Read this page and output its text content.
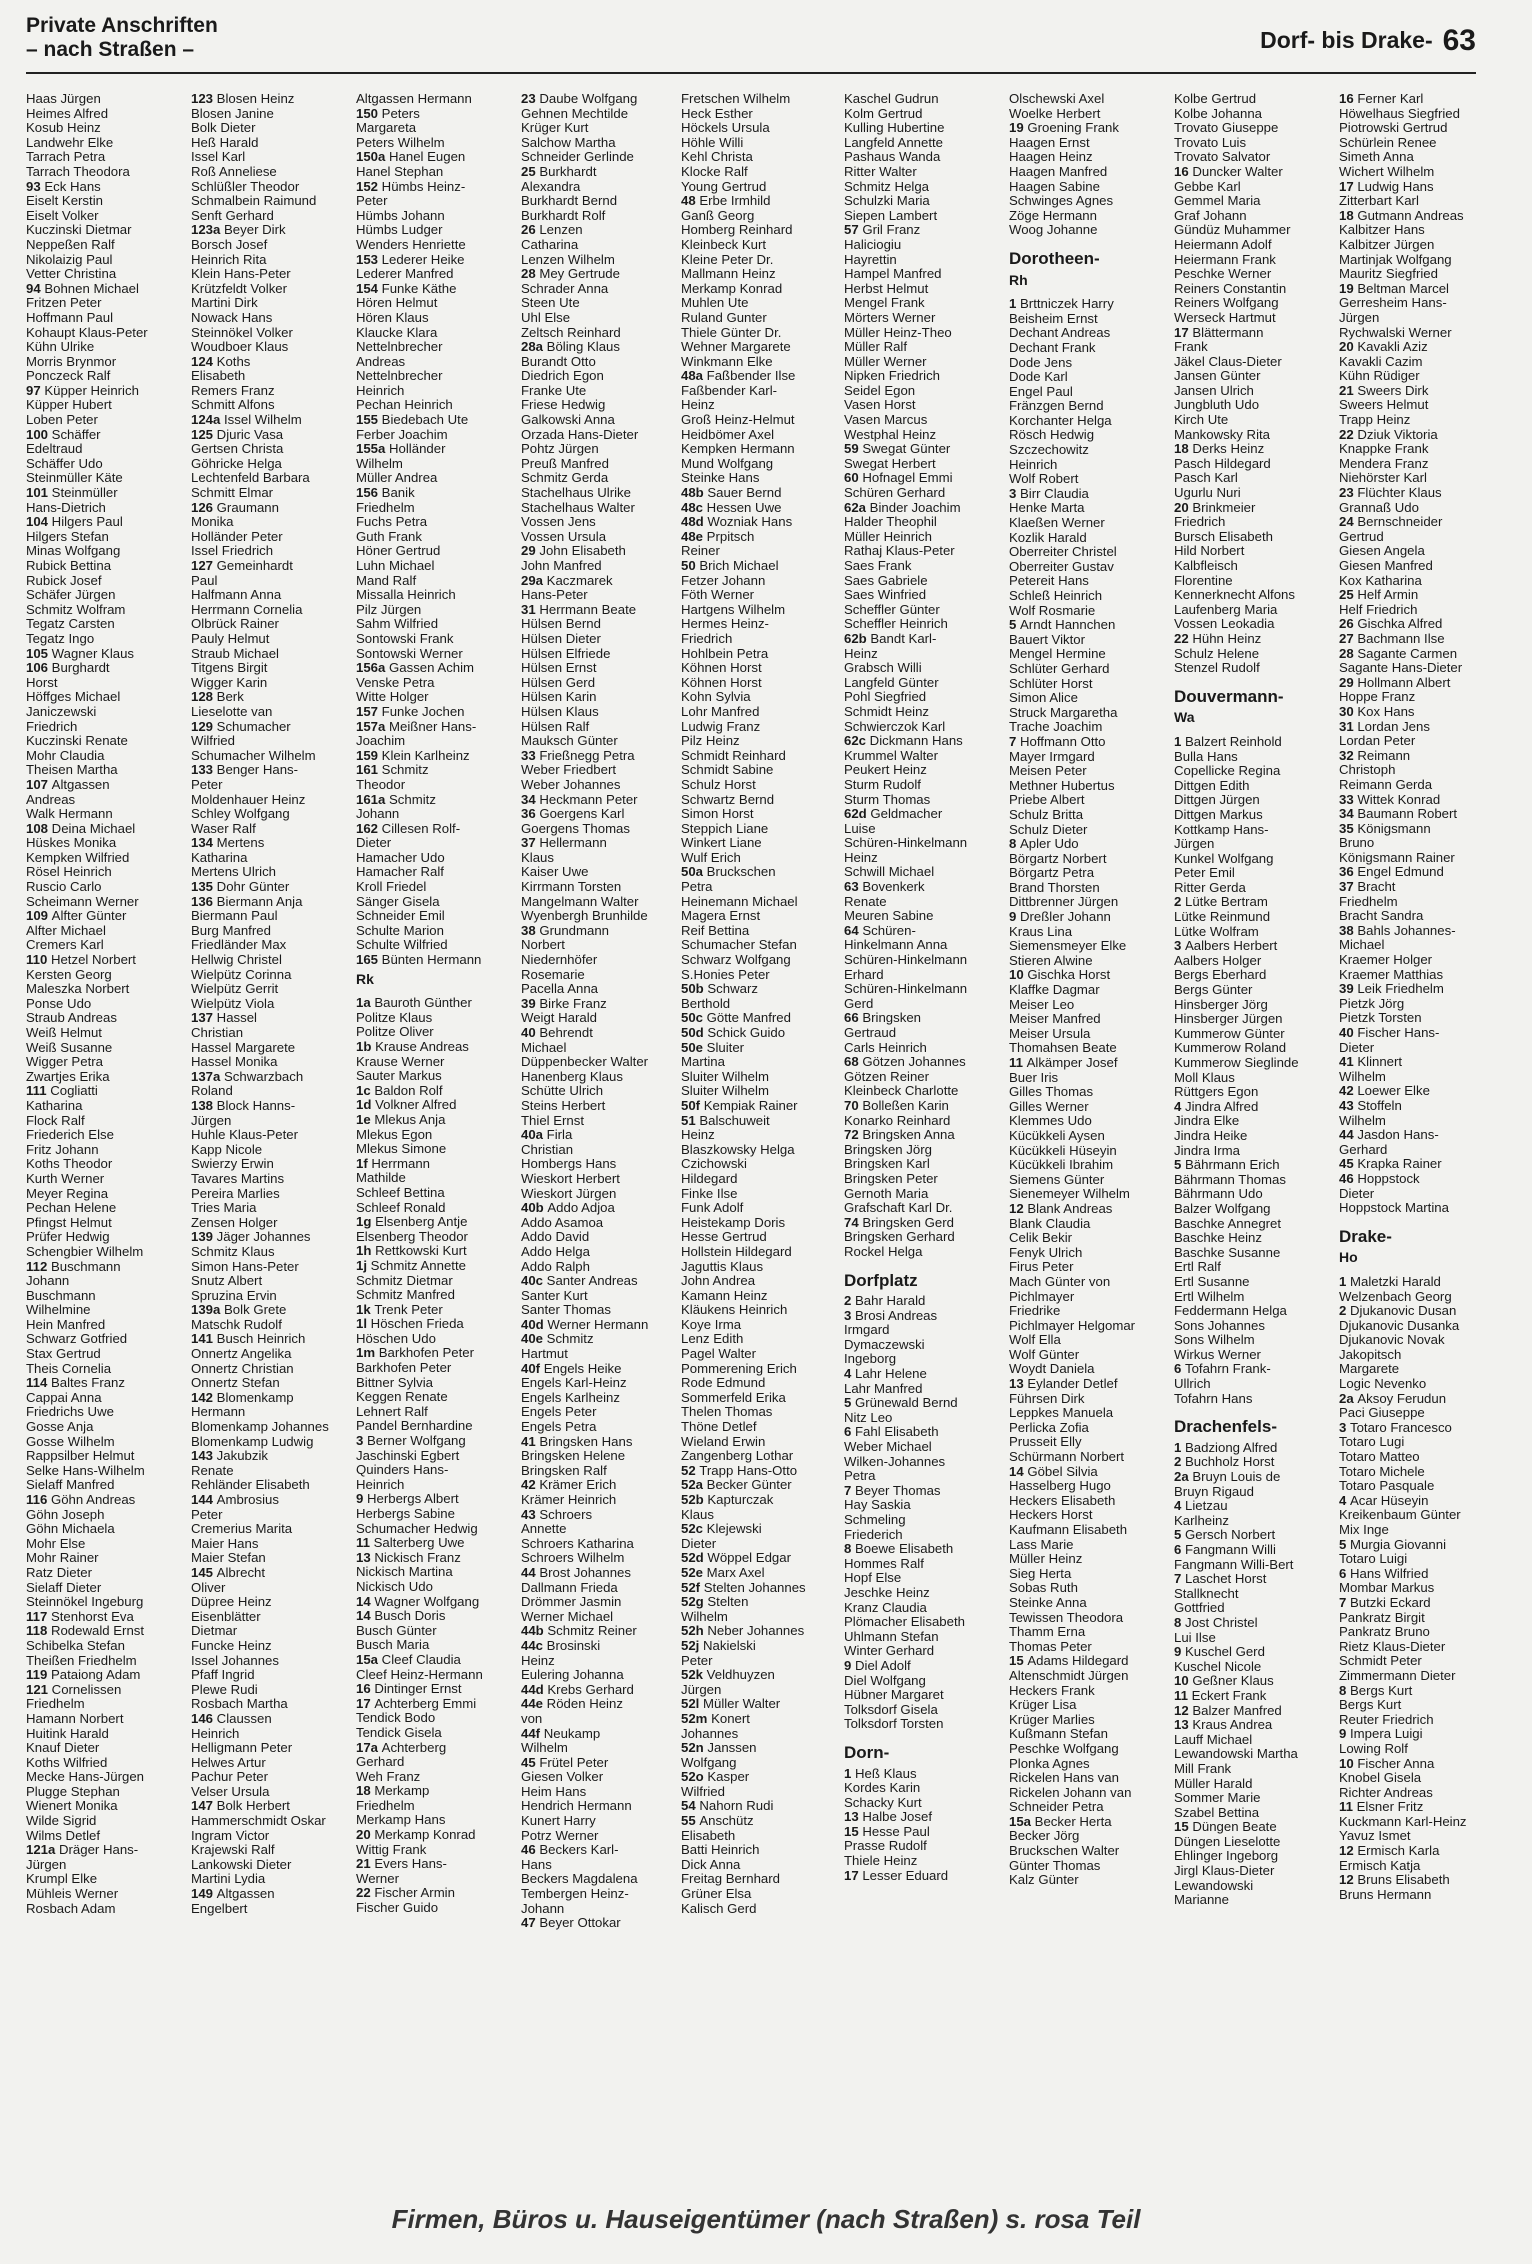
Private Anschriften
– nach Straßen –	Dorf- bis Drake- 63
Haas Jürgen
Heimes Alfred
Kosub Heinz
Landwehr Elke
Tarrach Petra
Tarrach Theodora
93 Eck Hans
Eiselt Kerstin
Eiselt Volker
Kuczinski Dietmar
Neppeßen Ralf
Nikolaizig Paul
Vetter Christina
94 Bohnen Michael
Fritzen Peter
Hoffmann Paul
Kohaupt Klaus-Peter
Kühn Ulrike
Morris Brynmor
Ponczeck Ralf
97 Küpper Heinrich
Küpper Hubert
Loben Peter
100 Schäffer
Edeltraud
Schäffer Udo
Steinmüller Käte
101 Steinmüller
Hans-Dietrich
104 Hilgers Paul
Hilgers Stefan
Minas Wolfgang
Rubick Bettina
Rubick Josef
Schäfer Jürgen
Schmitz Wolfram
Tegatz Carsten
Tegatz Ingo
105 Wagner Klaus
106 Burghardt
Horst
Höffges Michael
Janiczewski
Friedrich
Kuczinski Renate
Mohr Claudia
Theisen Martha
107 Altgassen
Andreas
Walk Hermann
108 Deina Michael
Hüskes Monika
Kempken Wilfried
Rösel Heinrich
Ruscio Carlo
Scheimann Werner
109 Alfter Günter
Alfter Michael
Cremers Karl
110 Hetzel Norbert
Kersten Georg
Maleszka Norbert
Ponse Udo
Straub Andreas
Weiß Helmut
Weiß Susanne
Wigger Petra
Zwartjes Erika
111 Cogliatti
Katharina
Flock Ralf
Friederich Else
Fritz Johann
Koths Theodor
Kurth Werner
Meyer Regina
Pechan Helene
Pfingst Helmut
Prüfer Hedwig
Schengbier Wilhelm
112 Buschmann
Johann
Buschmann
Wilhelmine
Hein Manfred
Schwarz Gotfried
Stax Gertrud
Theis Cornelia
114 Baltes Franz
Cappai Anna
Friedrichs Uwe
Gosse Anja
Gosse Wilhelm
Rappsilber Helmut
Selke Hans-Wilhelm
Sielaff Manfred
116 Göhn Andreas
Göhn Joseph
Göhn Michaela
Mohr Else
Mohr Rainer
Ratz Dieter
Sielaff Dieter
Steinnökel Ingeburg
117 Stenhorst Eva
118 Rodewald Ernst
Schibelka Stefan
Theißen Friedhelm
119 Pataiong Adam
121 Cornelissen
Friedhelm
Hamann Norbert
Huitink Harald
Knauf Dieter
Koths Wilfried
Mecke Hans-Jürgen
Plugge Stephan
Wienert Monika
Wilde Sigrid
Wilms Detlef
121a Dräger Hans-
Jürgen
Krumpl Elke
Mühleis Werner
Rosbach Adam
123 Blosen Heinz
Blosen Janine
Bolk Dieter
Heß Harald
Issel Karl
Roß Anneliese
Schlüßler Theodor
Schmalbein Raimund
Senft Gerhard
123a Beyer Dirk
Borsch Josef
Heinrich Rita
Klein Hans-Peter
Krützfeldt Volker
Martini Dirk
Nowack Hans
Steinnökel Volker
Woudboer Klaus
124 Koths
Elisabeth
Remers Franz
Schmitt Alfons
124a Issel Wilhelm
125 Djuric Vasa
Gertsen Christa
Göhricke Helga
Lechtenfeld Barbara
Schmitt Elmar
126 Graumann
Monika
Holländer Peter
Issel Friedrich
127 Gemeinhardt
Paul
Halfmann Anna
Herrmann Cornelia
Olbrück Rainer
Pauly Helmut
Straub Michael
Titgens Birgit
Wigger Karin
128 Berk
Lieselotte van
129 Schumacher
Wilfried
Schumacher Wilhelm
133 Benger Hans-
Peter
Moldenhauer Heinz
Schley Wolfgang
Waser Ralf
134 Mertens
Katharina
Mertens Ulrich
135 Dohr Günter
136 Biermann Anja
Biermann Paul
Burg Manfred
Friedländer Max
Hellwig Christel
Wielpütz Corinna
Wielpütz Gerrit
Wielpütz Viola
137 Hassel
Christian
Hassel Margarete
Hassel Monika
137a Schwarzbach
Roland
138 Block Hanns-
Jürgen
Huhle Klaus-Peter
Kapp Nicole
Swierzy Erwin
Tavares Martins
Pereira Marlies
Tries Maria
Zensen Holger
139 Jäger Johannes
Schmitz Klaus
Simon Hans-Peter
Snutz Albert
Spruzina Ervin
139a Bolk Grete
Matschk Rudolf
141 Busch Heinrich
Onnertz Angelika
Onnertz Christian
Onnertz Stefan
142 Blomenkamp
Hermann
Blomenkamp Johannes
Blomenkamp Ludwig
143 Jakubzik
Renate
Rehländer Elisabeth
144 Ambrosius
Peter
Cremerius Marita
Maier Hans
Maier Stefan
145 Albrecht
Oliver
Düpree Heinz
Eisenblätter
Dietmar
Funcke Heinz
Issel Johannes
Pfaff Ingrid
Plewe Rudi
Rosbach Martha
146 Claussen
Heinrich
Helligmann Peter
Helwes Artur
Pachur Peter
Velser Ursula
147 Bolk Herbert
Hammerschmidt Oskar
Ingram Victor
Krajewski Ralf
Lankowski Dieter
Martini Lydia
149 Altgassen
Engelbert
Altgassen Hermann
150 Peters
Margareta
Peters Wilhelm
150a Hanel Eugen
Hanel Stephan
152 Hümbs Heinz-
Peter
Hümbs Johann
Hümbs Ludger
Wenders Henriette
153 Lederer Heike
Lederer Manfred
154 Funke Käthe
Hören Helmut
Hören Klaus
Klaucke Klara
Nettelnbrecher
Andreas
Nettelnbrecher
Heinrich
Pechan Heinrich
155 Biedebach Ute
Ferber Joachim
155a Holländer
Wilhelm
Müller Andrea
156 Banik
Friedhelm
Fuchs Petra
Guth Frank
Höner Gertrud
Luhn Michael
Mand Ralf
Missalla Heinrich
Pilz Jürgen
Sahm Wilfried
Sontowski Frank
Sontowski Werner
156a Gassen Achim
Venske Petra
Witte Holger
157 Funke Jochen
157a Meißner Hans-
Joachim
159 Klein Karlheinz
161 Schmitz
Theodor
161a Schmitz
Johann
162 Cillesen Rolf-
Dieter
Hamacher Udo
Hamacher Ralf
Kroll Friedel
Sänger Gisela
Schneider Emil
Schulte Marion
Schulte Wilfried
165 Bünten Hermann
Rk
1a Bauroth Günther
Politze Klaus
Politze Oliver
1b Krause Andreas
Krause Werner
Sauter Markus
1c Baldon Rolf
1d Volkner Alfred
1e Mlekus Anja
Mlekus Egon
Mlekus Simone
1f Herrmann
Mathilde
Schleef Bettina
Schleef Ronald
1g Elsenberg Antje
Elsenberg Theodor
1h Rettkowski Kurt
1j Schmitz Annette
Schmitz Dietmar
Schmitz Manfred
1k Trenk Peter
1l Höschen Frieda
Höschen Udo
1m Barkhofen Peter
Barkhofen Peter
Bittner Sylvia
Keggen Renate
Lehnert Ralf
Pandel Bernhardine
3 Berner Wolfgang
Jaschinski Egbert
Quinders Hans-
Heinrich
9 Herbergs Albert
Herbergs Sabine
Schumacher Hedwig
11 Salterberg Uwe
13 Nickisch Franz
Nickisch Martina
Nickisch Udo
14 Wagner Wolfgang
14 Busch Doris
Busch Günter
Busch Maria
15a Cleef Claudia
Cleef Heinz-Hermann
16 Dintinger Ernst
17 Achterberg Emmi
Tendick Bodo
Tendick Gisela
17a Achterberg
Gerhard
Weh Franz
18 Merkamp
Friedhelm
Merkamp Hans
20 Merkamp Konrad
Wittig Frank
21 Evers Hans-
Werner
22 Fischer Armin
Fischer Guido
23 Daube Wolfgang
Gehnen Mechtilde
Krüger Kurt
Salchow Martha
Schneider Gerlinde
25 Burkhardt
Alexandra
Burkhardt Bernd
Burkhardt Rolf
26 Lenzen
Catharina
Lenzen Wilhelm
28 Mey Gertrude
Schrader Anna
Steen Ute
Uhl Else
Zeltsch Reinhard
28a Böling Klaus
Burandt Otto
Diedrich Egon
Franke Ute
Friese Hedwig
Galkowski Anna
Orzada Hans-Dieter
Pohtz Jürgen
Preuß Manfred
Schmitz Gerda
Stachelhaus Ulrike
Stachelhaus Walter
Vossen Jens
Vossen Ursula
29 John Elisabeth
John Manfred
29a Kaczmarek
Hans-Peter
31 Herrmann Beate
Hülsen Bernd
Hülsen Dieter
Hülsen Elfriede
Hülsen Ernst
Hülsen Gerd
Hülsen Karin
Hülsen Klaus
Hülsen Ralf
Mauksch Günter
33 Frießnegg Petra
Weber Friedbert
Weber Johannes
34 Heckmann Peter
36 Goergens Karl
Goergens Thomas
37 Hellermann
Klaus
Kaiser Uwe
Kirrmann Torsten
Mangelmann Walter
Wyenbergh Brunhilde
38 Grundmann
Norbert
Niedernhöfer
Rosemarie
Pacella Anna
39 Birke Franz
Weigt Harald
40 Behrendt
Michael
Düppenbecker Walter
Hanenberg Klaus
Schütte Ulrich
Steins Herbert
Thiel Ernst
40a Firla
Christian
Hombergs Hans
Wieskort Herbert
Wieskort Jürgen
40b Addo Adjoa
Addo Asamoa
Addo David
Addo Helga
Addo Ralph
40c Santer Andreas
Santer Kurt
Santer Thomas
40d Werner Hermann
40e Schmitz
Hartmut
40f Engels Heike
Engels Karl-Heinz
Engels Karlheinz
Engels Peter
Engels Petra
41 Bringsken Hans
Bringsken Helene
Bringsken Ralf
42 Krämer Erich
Krämer Heinrich
43 Schroers
Annette
Schroers Katharina
Schroers Wilhelm
44 Brost Johannes
Dallmann Frieda
Drömmer Jasmin
Werner Michael
44b Schmitz Reiner
44c Brosinski
Heinz
Eulering Johanna
44d Krebs Gerhard
44e Röden Heinz
von
44f Neukamp
Wilhelm
45 Frütel Peter
Giesen Volker
Heim Hans
Hendrich Hermann
Kunert Harry
Potrz Werner
46 Beckers Karl-
Hans
Beckers Magdalena
Tembergen Heinz-
Johann
47 Beyer Ottokar
Fretschen Wilhelm
Heck Esther
Höckels Ursula
Höhle Willi
Kehl Christa
Klocke Ralf
Young Gertrud
48 Erbe Irmhild
Ganß Georg
Homberg Reinhard
Kleinbeck Kurt
Kleine Peter Dr.
Mallmann Heinz
Merkamp Konrad
Muhlen Ute
Ruland Gunter
Thiele Günter Dr.
Wehner Margarete
Winkmann Elke
48a Faßbender Ilse
Faßbender Karl-
Heinz
Groß Heinz-Helmut
Heidbömer Axel
Kempken Hermann
Mund Wolfgang
Steinke Hans
48b Sauer Bernd
48c Hessen Uwe
48d Wozniak Hans
48e Prpitsch
Reiner
50 Brich Michael
Fetzer Johann
Föth Werner
Hartgens Wilhelm
Hermes Heinz-
Friedrich
Hohlbein Petra
Köhnen Horst
Köhnen Horst
Kohn Sylvia
Lohr Manfred
Ludwig Franz
Pilz Heinz
Schmidt Reinhard
Schmidt Sabine
Schulz Horst
Schwartz Bernd
Simon Horst
Steppich Liane
Winkert Liane
Wulf Erich
50a Bruckschen
Petra
Heinemann Michael
Magera Ernst
Reif Bettina
Schumacher Stefan
Schwarz Wolfgang
S.Honies Peter
50b Schwarz
Berthold
50c Götte Manfred
50d Schick Guido
50e Sluiter
Martina
Sluiter Wilhelm
Sluiter Wilhelm
50f Kempiak Rainer
51 Balschuweit
Heinz
Blaszkowsky Helga
Czichowski
Hildegard
Finke Ilse
Funk Adolf
Heistekamp Doris
Hesse Gertrud
Hollstein Hildegard
Jaguttis Klaus
John Andrea
Kamann Heinz
Kläukens Heinrich
Koye Irma
Lenz Edith
Pagel Walter
Pommerening Erich
Rode Edmund
Sommerfeld Erika
Thelen Thomas
Thöne Detlef
Wieland Erwin
Zangenberg Lothar
52 Trapp Hans-Otto
52a Becker Günter
52b Kapturczak
Klaus
52c Klejewski
Dieter
52d Wöppel Edgar
52e Marx Axel
52f Stelten Johannes
52g Stelten
Wilhelm
52h Neber Johannes
52j Nakielski
Peter
52k Veldhuyzen
Jürgen
52l Müller Walter
52m Konert
Johannes
52n Janssen
Wolfgang
52o Kasper
Wilfried
54 Nahorn Rudi
55 Anschütz
Elisabeth
Batti Heinrich
Dick Anna
Freitag Bernhard
Grüner Elsa
Kalisch Gerd
Kaschel Gudrun
Kolm Gertrud
Kulling Hubertine
Langfeld Annette
Pashaus Wanda
Ritter Walter
Schmitz Helga
Schulzki Maria
Siepen Lambert
57 Gril Franz
Haliciogiu
Hayrettin
Hampel Manfred
Herbst Helmut
Mengel Frank
Mörters Werner
Müller Heinz-Theo
Müller Ralf
Müller Werner
Nipken Friedrich
Seidel Egon
Vasen Horst
Vasen Marcus
Westphal Heinz
59 Swegat Günter
Swegat Herbert
60 Hofnagel Emmi
Schüren Gerhard
62a Binder Joachim
Halder Theophil
Müller Heinrich
Rathaj Klaus-Peter
Saes Frank
Saes Gabriele
Saes Winfried
Scheffler Günter
Scheffler Heinrich
62b Bandt Karl-
Heinz
Grabsch Willi
Langfeld Günter
Pohl Siegfried
Schmidt Heinz
Schwierczok Karl
62c Dickmann Hans
Krummel Walter
Peukert Heinz
Sturm Rudolf
Sturm Thomas
62d Geldmacher
Luise
Schüren-Hinkelmann
Heinz
Schwill Michael
63 Bovenkerk
Renate
Meuren Sabine
64 Schüren-
Hinkelmann Anna
Schüren-Hinkelmann
Erhard
Schüren-Hinkelmann
Gerd
66 Bringsken
Gertraud
Carls Heinrich
68 Götzen Johannes
Götzen Reiner
Kleinbeck Charlotte
70 Bolleßen Karin
Konarko Reinhard
72 Bringsken Anna
Bringsken Jörg
Bringsken Karl
Bringsken Peter
Gernoth Maria
Grafschaft Karl Dr.
74 Bringsken Gerd
Bringsken Gerhard
Rockel Helga
Dorfplatz
2 Bahr Harald
3 Brosi Andreas
Irmgard
Dymaczewski
Ingeborg
4 Lahr Helene
Lahr Manfred
5 Grünewald Bernd
Nitz Leo
6 Fahl Elisabeth
Weber Michael
Wilken-Johannes
Petra
7 Beyer Thomas
Hay Saskia
Schmeling
Friederich
8 Boewe Elisabeth
Hommes Ralf
Hopf Else
Jeschke Heinz
Kranz Claudia
Plömacher Elisabeth
Uhlmann Stefan
Winter Gerhard
9 Diel Adolf
Diel Wolfgang
Hübner Margaret
Tolksdorf Gisela
Tolksdorf Torsten
Dorn-
1 Heß Klaus
Kordes Karin
Schacky Kurt
13 Halbe Josef
15 Hesse Paul
Prasse Rudolf
Thiele Heinz
17 Lesser Eduard
Olschewski Axel
Woelke Herbert
19 Groening Frank
Haagen Ernst
Haagen Heinz
Haagen Manfred
Haagen Sabine
Schwinges Agnes
Zöge Hermann
Woog Johanne
Dorotheen-
Rh
1 Brttniczek Harry
Beisheim Ernst
Dechant Andreas
Dechant Frank
Dode Jens
Dode Karl
Engel Paul
Fränzgen Bernd
Korchanter Helga
Rösch Hedwig
Szczechowitz
Heinrich
Wolf Robert
3 Birr Claudia
Henke Marta
Klaeßen Werner
Kozlik Harald
Oberreiter Christel
Oberreiter Gustav
Petereit Hans
Schleß Heinrich
Wolf Rosmarie
5 Arndt Hannchen
Bauert Viktor
Mengel Hermine
Schlüter Gerhard
Schlüter Horst
Simon Alice
Struck Margaretha
Trache Joachim
7 Hoffmann Otto
Mayer Irmgard
Meisen Peter
Methner Hubertus
Priebe Albert
Schulz Britta
Schulz Dieter
8 Apler Udo
Börgartz Norbert
Börgartz Petra
Brand Thorsten
Dittbrenner Jürgen
9 Dreßler Johann
Kraus Lina
Siemensmeyer Elke
Stieren Alwine
10 Gischka Horst
Klaffke Dagmar
Meiser Leo
Meiser Manfred
Meiser Ursula
Thomahsen Beate
11 Alkämper Josef
Buer Iris
Gilles Thomas
Gilles Werner
Klemmes Udo
Kücükkeli Aysen
Kücükkeli Hüseyin
Kücükkeli Ibrahim
Siemens Günter
Sienemeyer Wilhelm
12 Blank Andreas
Blank Claudia
Celik Bekir
Fenyk Ulrich
Firus Peter
Mach Günter von
Pichlmayer
Friedrike
Pichlmayer Helgomar
Wolf Ella
Wolf Günter
Woydt Daniela
13 Eylander Detlef
Führsen Dirk
Leppkes Manuela
Perlicka Zofia
Prusseit Elly
Schürmann Norbert
14 Göbel Silvia
Hasselberg Hugo
Heckers Elisabeth
Heckers Horst
Kaufmann Elisabeth
Lass Marie
Müller Heinz
Sieg Herta
Sobas Ruth
Steinke Anna
Tewissen Theodora
Thamm Erna
Thomas Peter
15 Adams Hildegard
Altenschmidt Jürgen
Heckers Frank
Krüger Lisa
Krüger Marlies
Kußmann Stefan
Peschke Wolfgang
Plonka Agnes
Rickelen Hans van
Rickelen Johann van
Schneider Petra
15a Becker Herta
Becker Jörg
Bruckschen Walter
Günter Thomas
Kalz Günter
Kolbe Gertrud
Kolbe Johanna
Trovato Giuseppe
Trovato Luis
Trovato Salvator
16 Duncker Walter
Gebbe Karl
Gemmel Maria
Graf Johann
Gündüz Muhammer
Heiermann Adolf
Heiermann Frank
Peschke Werner
Reiners Constantin
Reiners Wolfgang
Werseck Hartmut
17 Blättermann
Frank
Jäkel Claus-Dieter
Jansen Günter
Jansen Ulrich
Jungbluth Udo
Kirch Ute
Mankowsky Rita
18 Derks Heinz
Pasch Hildegard
Pasch Karl
Ugurlu Nuri
20 Brinkmeier
Friedrich
Bursch Elisabeth
Hild Norbert
Kalbfleisch
Florentine
Kennerknecht Alfons
Laufenberg Maria
Vossen Leokadia
22 Hühn Heinz
Schulz Helene
Stenzel Rudolf
Douvermann-
Wa
1 Balzert Reinhold
Bulla Hans
Copellicke Regina
Dittgen Edith
Dittgen Jürgen
Dittgen Markus
Kottkamp Hans-
Jürgen
Kunkel Wolfgang
Peter Emil
Ritter Gerda
2 Lütke Bertram
Lütke Reinmund
Lütke Wolfram
3 Aalbers Herbert
Aalbers Holger
Bergs Eberhard
Bergs Günter
Hinsberger Jörg
Hinsberger Jürgen
Kummerow Günter
Kummerow Roland
Kummerow Sieglinde
Moll Klaus
Rüttgers Egon
4 Jindra Alfred
Jindra Elke
Jindra Heike
Jindra Irma
5 Bährmann Erich
Bährmann Thomas
Bährmann Udo
Balzer Wolfgang
Baschke Annegret
Baschke Heinz
Baschke Susanne
Ertl Ralf
Ertl Susanne
Ertl Wilhelm
Feddermann Helga
Sons Johannes
Sons Wilhelm
Wirkus Werner
6 Tofahrn Frank-
Ullrich
Tofahrn Hans
Drachenfels-
1 Badziong Alfred
2 Buchholz Horst
2a Bruyn Louis de
Bruyn Rigaud
4 Lietzau
Karlheinz
5 Gersch Norbert
6 Fangmann Willi
Fangmann Willi-Bert
7 Laschet Horst
Stallknecht
Gottfried
8 Jost Christel
Lui Ilse
9 Kuschel Gerd
Kuschel Nicole
10 Geßner Klaus
11 Eckert Frank
12 Balzer Manfred
13 Kraus Andrea
Lauff Michael
Lewandowski Martha
Mill Frank
Müller Harald
Sommer Marie
Szabel Bettina
15 Düngen Beate
Düngen Lieselotte
Ehlinger Ingeborg
Jirgl Klaus-Dieter
Lewandowski
Marianne
16 Ferner Karl
Höwelhaus Siegfried
Piotrowski Gertrud
Schürlein Renee
Simeth Anna
Wichert Wilhelm
17 Ludwig Hans
Zitterbart Karl
18 Gutmann Andreas
Kalbitzer Hans
Kalbitzer Jürgen
Martinjak Wolfgang
Mauritz Siegfried
19 Beltman Marcel
Gerresheim Hans-
Jürgen
Rychwalski Werner
20 Kavakli Aziz
Kavakli Cazim
Kühn Rüdiger
21 Sweers Dirk
Sweers Helmut
Trapp Heinz
22 Dziuk Viktoria
Knappke Frank
Mendera Franz
Niehörster Karl
23 Flüchter Klaus
Grannaß Udo
24 Bernschneider
Gertrud
Giesen Angela
Giesen Manfred
Kox Katharina
25 Helf Armin
Helf Friedrich
26 Gischka Alfred
27 Bachmann Ilse
28 Sagante Carmen
Sagante Hans-Dieter
29 Hollmann Albert
Hoppe Franz
30 Kox Hans
31 Lordan Jens
Lordan Peter
32 Reimann
Christoph
Reimann Gerda
33 Wittek Konrad
34 Baumann Robert
35 Königsmann
Bruno
Königsmann Rainer
36 Engel Edmund
37 Bracht
Friedhelm
Bracht Sandra
38 Bahls Johannes-
Michael
Kraemer Holger
Kraemer Matthias
39 Leik Friedhelm
Pietzk Jörg
Pietzk Torsten
40 Fischer Hans-
Dieter
41 Klinnert
Wilhelm
42 Loewer Elke
43 Stoffeln
Wilhelm
44 Jasdon Hans-
Gerhard
45 Krapka Rainer
46 Hoppstock
Dieter
Hoppstock Martina
Drake-
Ho
1 Maletzki Harald
Welzenbach Georg
2 Djukanovic Dusan
Djukanovic Dusanka
Djukanovic Novak
Jakopitsch
Margarete
Logic Nevenko
2a Aksoy Ferudun
Paci Giuseppe
3 Totaro Francesco
Totaro Lugi
Totaro Matteo
Totaro Michele
Totaro Pasquale
4 Acar Hüseyin
Kreikenbaum Günter
Mix Inge
5 Murgia Giovanni
Totaro Luigi
6 Hans Wilfried
Mombar Markus
7 Butzki Eckard
Pankratz Birgit
Pankratz Bruno
Rietz Klaus-Dieter
Schmidt Peter
Zimmermann Dieter
8 Bergs Kurt
Bergs Kurt
Reuter Friedrich
9 Impera Luigi
Lowing Rolf
10 Fischer Anna
Knobel Gisela
Richter Andreas
11 Elsner Fritz
Kuckmann Karl-Heinz
Yavuz Ismet
12 Ermisch Karla
Ermisch Katja
12 Bruns Elisabeth
Bruns Hermann
Firmen, Büros u. Hauseigentümer (nach Straßen) s. rosa Teil
